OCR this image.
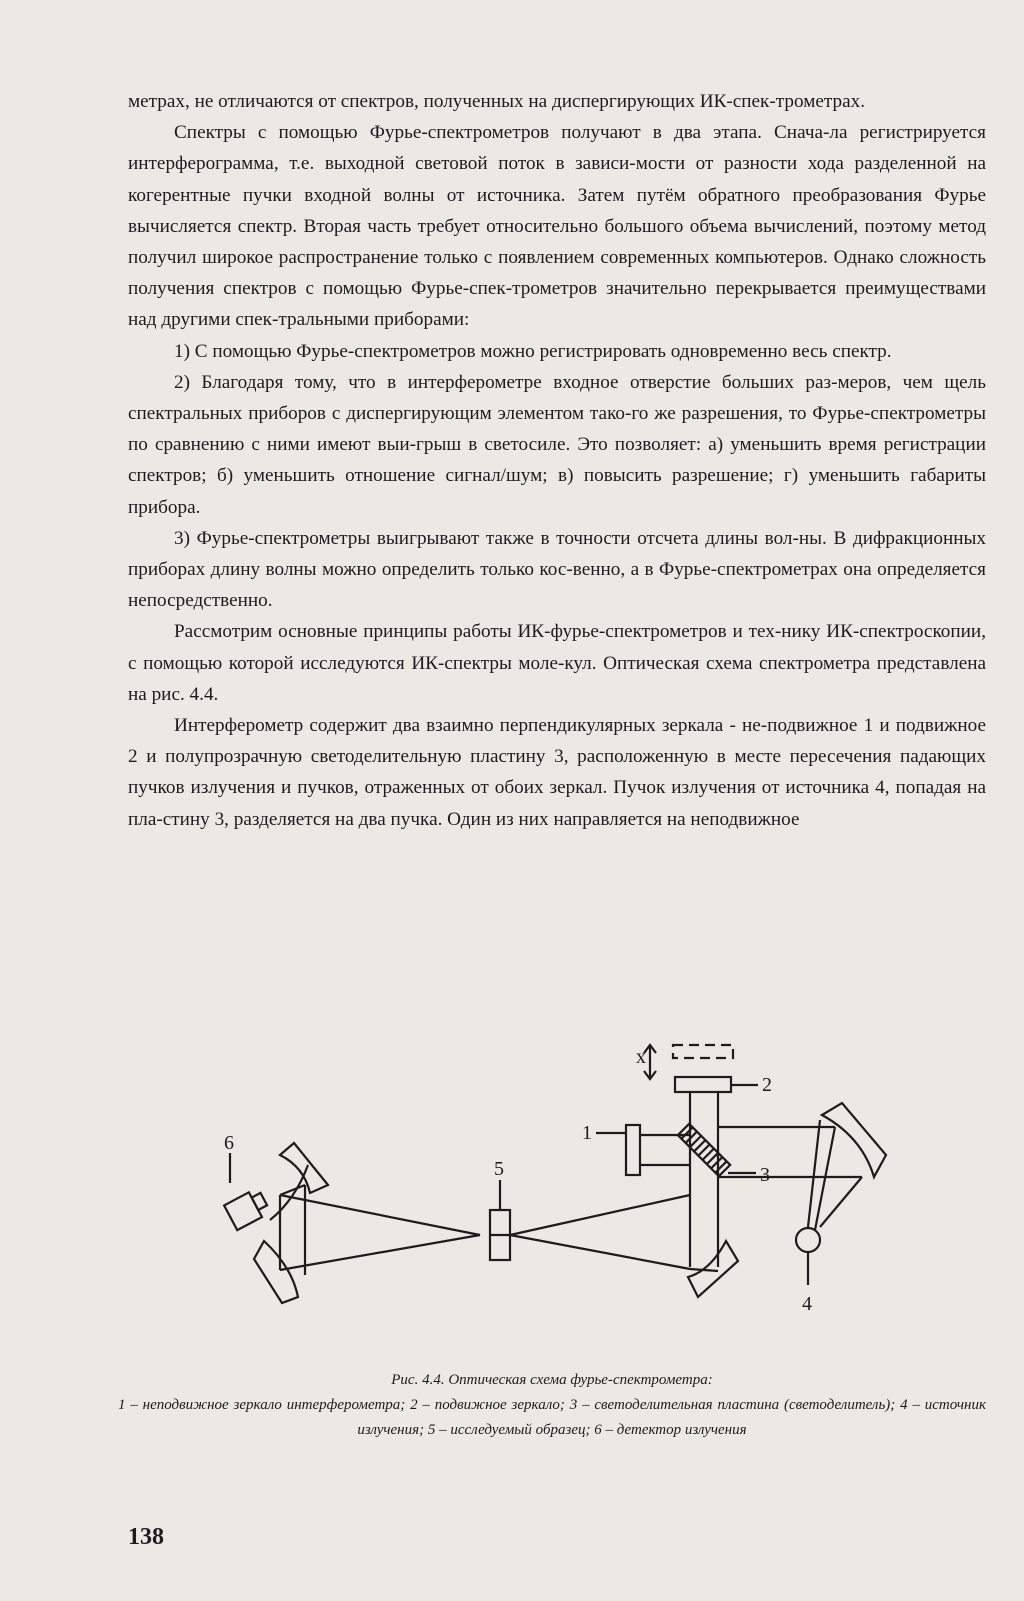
метрах, не отличаются от спектров, полученных на диспергирующих ИК-спек-трометрах.

Спектры с помощью Фурье-спектрометров получают в два этапа. Снача-ла регистрируется интерферограмма, т.е. выходной световой поток в зависи-мости от разности хода разделенной на когерентные пучки входной волны от источника. Затем путём обратного преобразования Фурье вычисляется спектр. Вторая часть требует относительно большого объема вычислений, поэтому метод получил широкое распространение только с появлением современных компьютеров. Однако сложность получения спектров с помощью Фурье-спек-трометров значительно перекрывается преимуществами над другими спек-тральными приборами:

1) С помощью Фурье-спектрометров можно регистрировать одновременно весь спектр.

2) Благодаря тому, что в интерферометре входное отверстие больших раз-меров, чем щель спектральных приборов с диспергирующим элементом тако-го же разрешения, то Фурье-спектрометры по сравнению с ними имеют выи-грыш в светосиле. Это позволяет: а) уменьшить время регистрации спектров; б) уменьшить отношение сигнал/шум; в) повысить разрешение; г) уменьшить габариты прибора.

3) Фурье-спектрометры выигрывают также в точности отсчета длины вол-ны. В дифракционных приборах длину волны можно определить только кос-венно, а в Фурье-спектрометрах она определяется непосредственно.

Рассмотрим основные принципы работы ИК-фурье-спектрометров и тех-нику ИК-спектроскопии, с помощью которой исследуются ИК-спектры моле-кул. Оптическая схема спектрометра представлена на рис. 4.4.

Интерферометр содержит два взаимно перпендикулярных зеркала - не-подвижное 1 и подвижное 2 и полупрозрачную светоделительную пластину 3, расположенную в месте пересечения падающих пучков излучения и пучков, отраженных от обоих зеркал. Пучок излучения от источника 4, попадая на пла-стину 3, разделяется на два пучка. Один из них направляется на неподвижное

x
2
1
3
4
5
6
Рис. 4.4. Оптическая схема фурье-спектрометра:
1 – неподвижное зеркало интерферометра; 2 – подвижное зеркало; 3 – светоделительная пластина (светоделитель); 4 – источник излучения; 5 – исследуемый образец; 6 – детектор излучения
138
